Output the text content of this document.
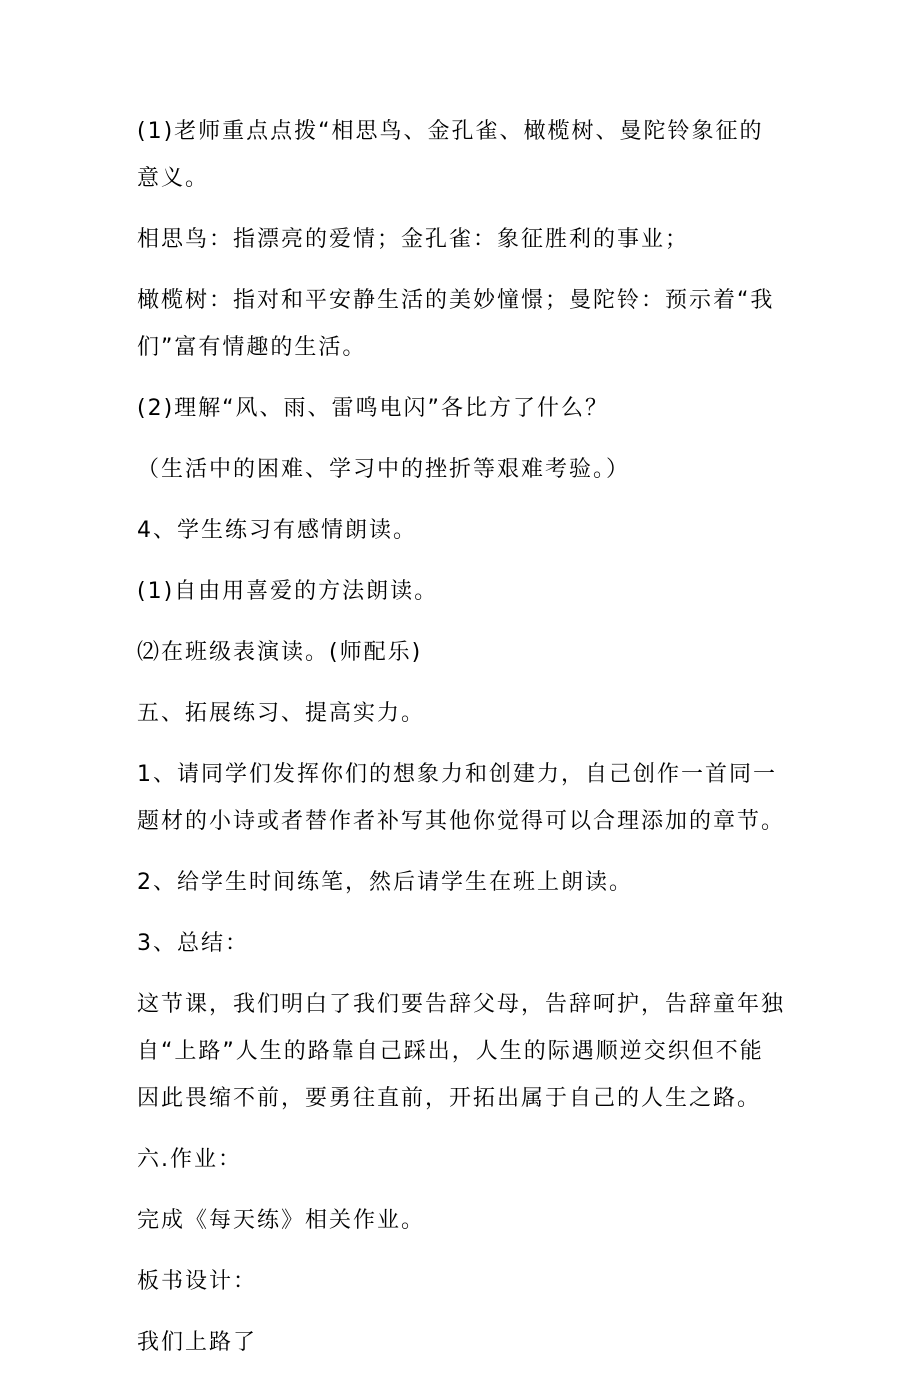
(1)老师重点点拨“相思鸟、金孔雀、橄榄树、曼陀铃象征的意义。

相思鸟：指漂亮的爱情；金孔雀：象征胜利的事业；

橄榄树：指对和平安静生活的美妙憧憬；曼陀铃：预示着“我们”富有情趣的生活。

(2)理解“风、雨、雷鸣电闪”各比方了什么？

（生活中的困难、学习中的挫折等艰难考验。）

4、学生练习有感情朗读。

(1)自由用喜爱的方法朗读。

⑵在班级表演读。(师配乐)

五、拓展练习、提高实力。

1、请同学们发挥你们的想象力和创建力，自己创作一首同一题材的小诗或者替作者补写其他你觉得可以合理添加的章节。

2、给学生时间练笔，然后请学生在班上朗读。

3、总结：

这节课，我们明白了我们要告辞父母，告辞呵护，告辞童年独自“上路”人生的路靠自己踩出，人生的际遇顺逆交织但不能因此畏缩不前，要勇往直前，开拓出属于自己的人生之路。

六.作业：

完成《每天练》相关作业。

板书设计：

我们上路了
